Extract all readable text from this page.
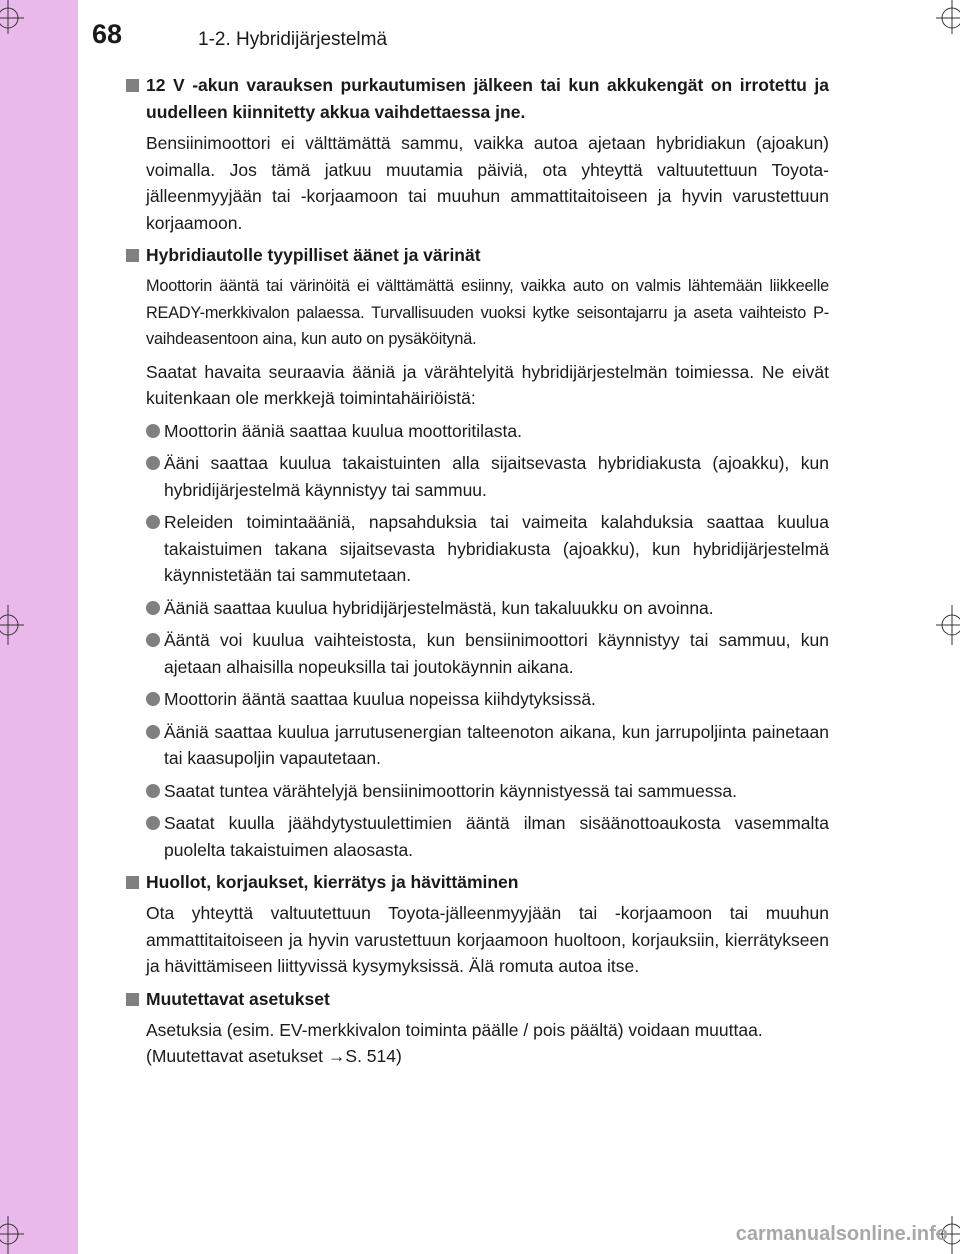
68	1-2. Hybridijärjestelmä
12 V -akun varauksen purkautumisen jälkeen tai kun akkukengät on irrotettu ja uudelleen kiinnitetty akkua vaihdettaessa jne.
Bensiinimoottori ei välttämättä sammu, vaikka autoa ajetaan hybridiakun (ajoakun) voimalla. Jos tämä jatkuu muutamia päiviä, ota yhteyttä valtuutettuun Toyota-jälleenmyyjään tai -korjaamoon tai muuhun ammattitaitoiseen ja hyvin varustettuun korjaamoon.
Hybridiautolle tyypilliset äänet ja värinät
Moottorin ääntä tai värinöitä ei välttämättä esiinny, vaikka auto on valmis lähtemään liikkeelle READY-merkkivalon palaessa. Turvallisuuden vuoksi kytke seisontajarru ja aseta vaihteisto P-vaihdeasentoon aina, kun auto on pysäköitynä.
Saatat havaita seuraavia ääniä ja värähtelyitä hybridijärjestelmän toimiessa. Ne eivät kuitenkaan ole merkkejä toimintahäiriöistä:
Moottorin ääniä saattaa kuulua moottoritilasta.
Ääni saattaa kuulua takaistuinten alla sijaitsevasta hybridiakusta (ajoakku), kun hybridijärjestelmä käynnistyy tai sammuu.
Releiden toimintaääniä, napsahduksia tai vaimeita kalahduksia saattaa kuulua takaistuimen takana sijaitsevasta hybridiakusta (ajoakku), kun hybridijärjestelmä käynnistetään tai sammutetaan.
Ääniä saattaa kuulua hybridijärjestelmästä, kun takaluukku on avoinna.
Ääntä voi kuulua vaihteistosta, kun bensiinimoottori käynnistyy tai sammuu, kun ajetaan alhaisilla nopeuksilla tai joutokäynnin aikana.
Moottorin ääntä saattaa kuulua nopeissa kiihdytyksissä.
Ääniä saattaa kuulua jarrutusenergian talteenoton aikana, kun jarrupoljinta painetaan tai kaasupoljin vapautetaan.
Saatat tuntea värähtelyjä bensiinimoottorin käynnistyessä tai sammuessa.
Saatat kuulla jäähdytystuulettimien ääntä ilman sisäänottoaukosta vasemmalta puolelta takaistuimen alaosasta.
Huollot, korjaukset, kierrätys ja hävittäminen
Ota yhteyttä valtuutettuun Toyota-jälleenmyyjään tai -korjaamoon tai muuhun ammattitaitoiseen ja hyvin varustettuun korjaamoon huoltoon, korjauksiin, kierrätykseen ja hävittämiseen liittyvissä kysymyksissä. Älä romuta autoa itse.
Muutettavat asetukset
Asetuksia (esim. EV-merkkivalon toiminta päälle / pois päältä) voidaan muuttaa.
(Muutettavat asetukset →S. 514)
carmanualsonline.info
